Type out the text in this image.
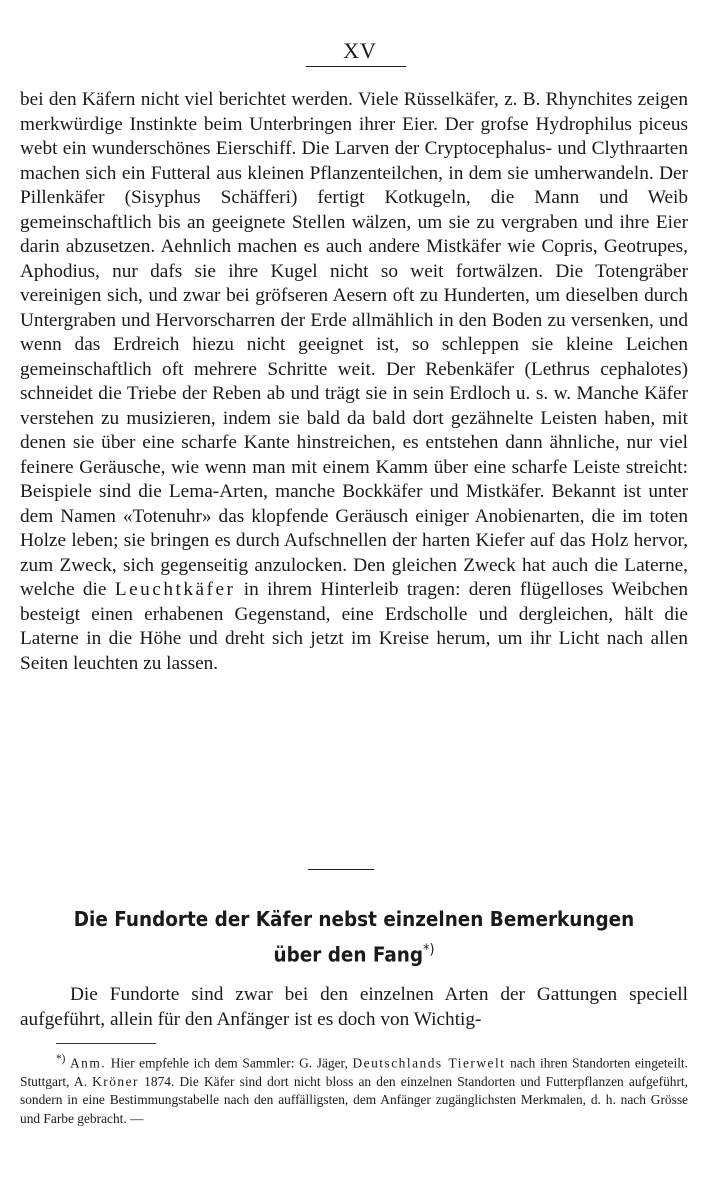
XV

bei den Käfern nicht viel berichtet werden. Viele Rüsselkäfer, z. B. Rhynchites zeigen merkwürdige Instinkte beim Unterbringen ihrer Eier. Der grofse Hydrophilus piceus webt ein wunderschönes Eierschiff. Die Larven der Cryptocephalus- und Clythraarten machen sich ein Futteral aus kleinen Pflanzenteilchen, in dem sie umherwandeln. Der Pillenkäfer (Sisyphus Schäfferi) fertigt Kotkugeln, die Mann und Weib gemeinschaftlich bis an geeignete Stellen wälzen, um sie zu vergraben und ihre Eier darin abzusetzen. Aehnlich machen es auch andere Mistkäfer wie Copris, Geotrupes, Aphodius, nur dafs sie ihre Kugel nicht so weit fortwälzen. Die Totengräber vereinigen sich, und zwar bei gröfseren Aesern oft zu Hunderten, um dieselben durch Untergraben und Hervorscharren der Erde allmählich in den Boden zu versenken, und wenn das Erdreich hiezu nicht geeignet ist, so schleppen sie kleine Leichen gemeinschaftlich oft mehrere Schritte weit. Der Rebenkäfer (Lethrus cephalotes) schneidet die Triebe der Reben ab und trägt sie in sein Erdloch u. s. w. Manche Käfer verstehen zu musizieren, indem sie bald da bald dort gezähnelte Leisten haben, mit denen sie über eine scharfe Kante hinstreichen, es entstehen dann ähnliche, nur viel feinere Geräusche, wie wenn man mit einem Kamm über eine scharfe Leiste streicht: Beispiele sind die Lema-Arten, manche Bockkäfer und Mistkäfer. Bekannt ist unter dem Namen «Totenuhr» das klopfende Geräusch einiger Anobienarten, die im toten Holze leben; sie bringen es durch Aufschnellen der harten Kiefer auf das Holz hervor, zum Zweck, sich gegenseitig anzulocken. Den gleichen Zweck hat auch die Laterne, welche die Leuchtkäfer in ihrem Hinterleib tragen: deren flügelloses Weibchen besteigt einen erhabenen Gegenstand, eine Erdscholle und dergleichen, hält die Laterne in die Höhe und dreht sich jetzt im Kreise herum, um ihr Licht nach allen Seiten leuchten zu lassen.

Die Fundorte der Käfer nebst einzelnen Bemerkungen
über den Fang*)

Die Fundorte sind zwar bei den einzelnen Arten der Gattungen speciell aufgeführt, allein für den Anfänger ist es doch von Wichtig-

*) Anm. Hier empfehle ich dem Sammler: G. Jäger, Deutschlands Tierwelt nach ihren Standorten eingeteilt. Stuttgart, A. Kröner 1874. Die Käfer sind dort nicht bloss an den einzelnen Standorten und Futterpflanzen aufgeführt, sondern in eine Bestimmungstabelle nach den auffälligsten, dem Anfänger zugänglichsten Merkmalen, d. h. nach Grösse und Farbe gebracht. —
